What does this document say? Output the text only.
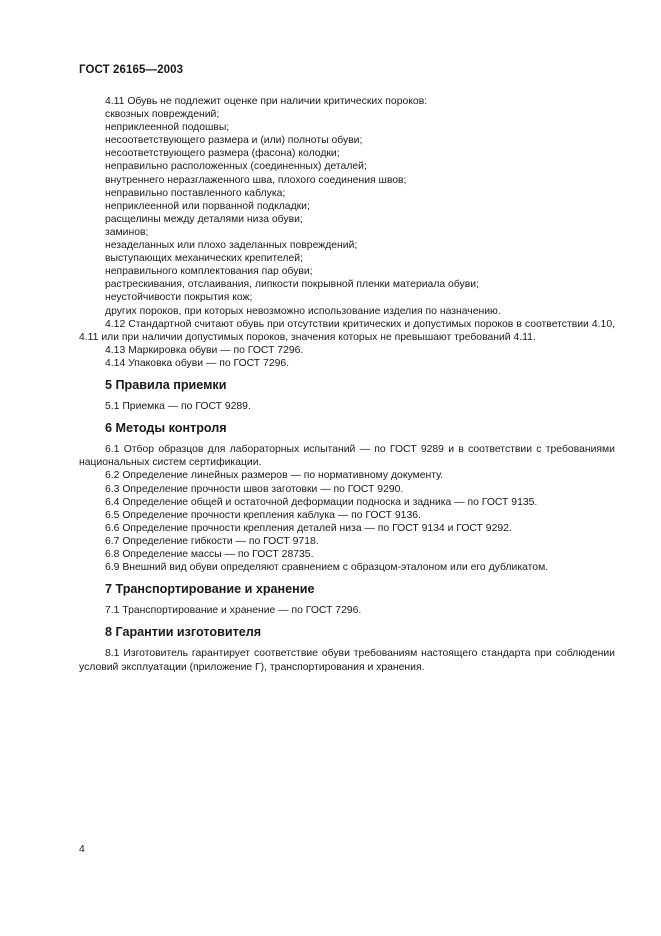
ГОСТ 26165—2003
4.11 Обувь не подлежит оценке при наличии критических пороков:
сквозных повреждений;
неприклеенной подошвы;
несоответствующего размера и (или) полноты обуви;
несоответствующего размера (фасона) колодки;
неправильно расположенных (соединенных) деталей;
внутреннего неразглаженного шва, плохого соединения швов;
неправильно поставленного каблука;
неприклеенной или порванной подкладки;
расщелины между деталями низа обуви;
заминов;
незаделанных или плохо заделанных повреждений;
выступающих механических крепителей;
неправильного комплектования пар обуви;
растрескивания, отслаивания, липкости покрывной пленки материала обуви;
неустойчивости покрытия кож;
других пороков, при которых невозможно использование изделия по назначению.
4.12 Стандартной считают обувь при отсутствии критических и допустимых пороков в соответствии 4.10, 4.11 или при наличии допустимых пороков, значения которых не превышают требований 4.11.
4.13 Маркировка обуви — по ГОСТ 7296.
4.14 Упаковка обуви — по ГОСТ 7296.
5 Правила приемки
5.1 Приемка — по ГОСТ 9289.
6 Методы контроля
6.1 Отбор образцов для лабораторных испытаний — по ГОСТ 9289 и в соответствии с требованиями национальных систем сертификации.
6.2 Определение линейных размеров — по нормативному документу.
6.3 Определение прочности швов заготовки — по ГОСТ 9290.
6.4 Определение общей и остаточной деформации подноска и задника — по ГОСТ 9135.
6.5 Определение прочности крепления каблука — по ГОСТ 9136.
6.6 Определение прочности крепления деталей низа — по ГОСТ 9134 и ГОСТ 9292.
6.7 Определение гибкости — по ГОСТ 9718.
6.8 Определение массы — по ГОСТ 28735.
6.9 Внешний вид обуви определяют сравнением с образцом-эталоном или его дубликатом.
7 Транспортирование и хранение
7.1 Транспортирование и хранение — по ГОСТ 7296.
8 Гарантии изготовителя
8.1 Изготовитель гарантирует соответствие обуви требованиям настоящего стандарта при соблюдении условий эксплуатации (приложение Г), транспортирования и хранения.
4
